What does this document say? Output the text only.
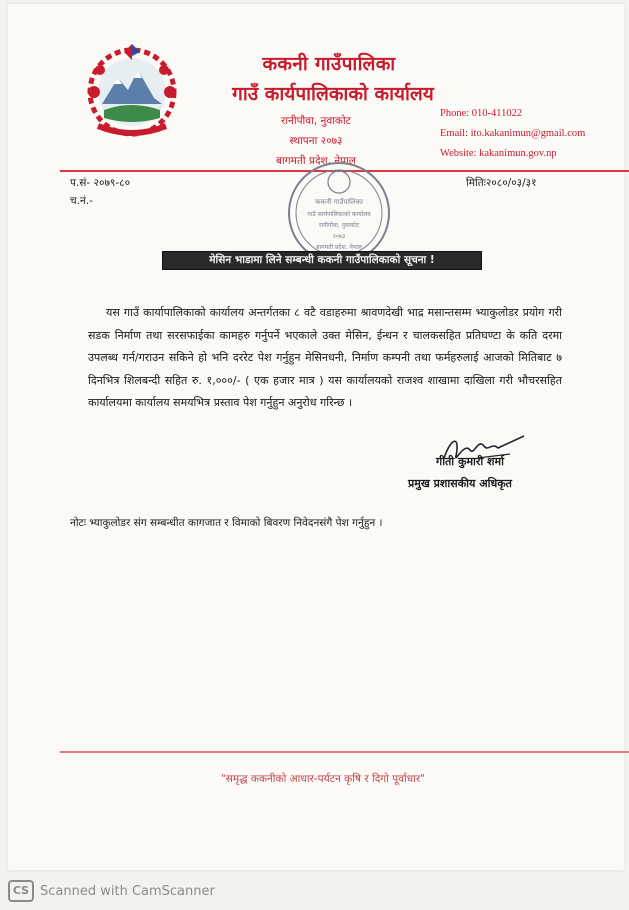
ककनी गाउँपालिका
गाउँ कार्यपालिकाको कार्यालय
रानीपौवा, नुवाकोट
स्थापना २०७३
बागमती प्रदेश, नेपाल
Phone: 010-411022
Email: ito.kakanimun@gmail.com
Website: kakanimun.gov.np
प.सं- २०७९-८०
च.नं.-
मितिः२०८०/०३/३१
ककनी गाउँपालिका
गाउँ कार्यपालिकाको कार्यालय
रानीपौवा, नुवाकोट
२०७३
बागमती प्रदेश, नेपाल
मेसिन भाडामा लिने सम्बन्धी ककनी गाउँपालिकाको सूचना !
यस गाउँ कार्यापालिकाको कार्यालय अन्तर्गतका ८ वटै वडाहरुमा श्रावणदेखी भाद्र मसान्तसम्म भ्याकुलोडर प्रयोग गरी सडक निर्माण तथा सरसफाईका कामहरु गर्नुपर्ने भएकाले उक्त मेसिन, ईन्धन र चालकसहित प्रतिघण्टा के कति दरमा उपलब्ध गर्न/गराउन सकिने हो भनि दररेट पेश गर्नुहुन मेसिनधनी, निर्माण कम्पनी तथा फर्महरुलाई आजको मितिबाट ७ दिनभित्र शिलबन्दी सहित रु. १,०००/- ( एक हजार मात्र ) यस कार्यालयको राजश्व शाखामा दाखिला गरी भौचरसहित कार्यालयमा कार्यालय समयभित्र प्रस्ताव पेश गर्नुहुन अनुरोध गरिन्छ ।
गीती कुमारी शर्मा
प्रमुख प्रशासकीय अधिकृत
नोटः भ्याकुलोडर संग सम्बन्धीत कागजात र विमाको बिवरण निवेदनसंगै पेश गर्नुहुन ।
"समृद्ध ककनीको आधार-पर्यटन कृषि र दिगो पूर्वाधार"
CS Scanned with CamScanner
